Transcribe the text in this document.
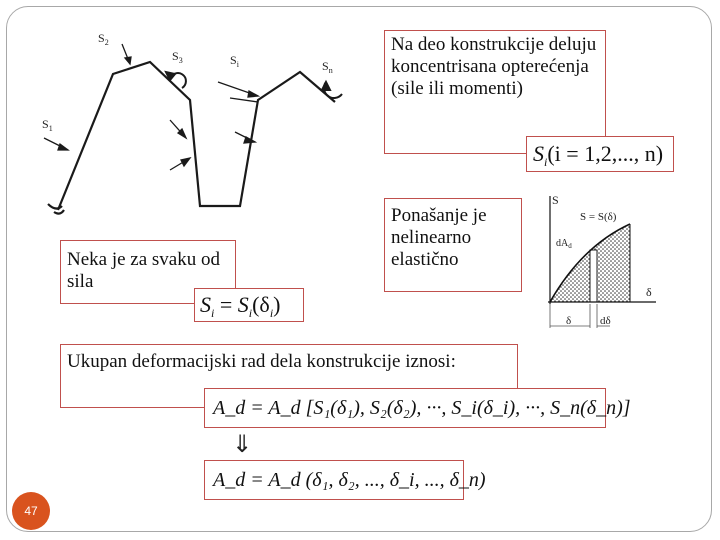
$S_1$
$S_2$
$S_3$	$S_i$	$S_n$
Na deo konstrukcije deluju koncentrisana opterećenja (sile ili momenti)
$S_i(i = 1,2$,..., n)
Neka je za svaku od sila
$S_i = S_i(\delta_i)$
Ponašanje je nelinearno elastično
S
S = S(δ)
$dA_d$
δ
δ	dδ
Ukupan deformacijski rad dela konstrukcije iznosi:
A_d = A_d [S₁(δ₁), S₂(δ₂), ···, S_i(δ_i), ···, S_n(δ_n)]
⇓
A_d = A_d (δ₁, δ₂, ..., δ_i, ..., δ_n)
47
